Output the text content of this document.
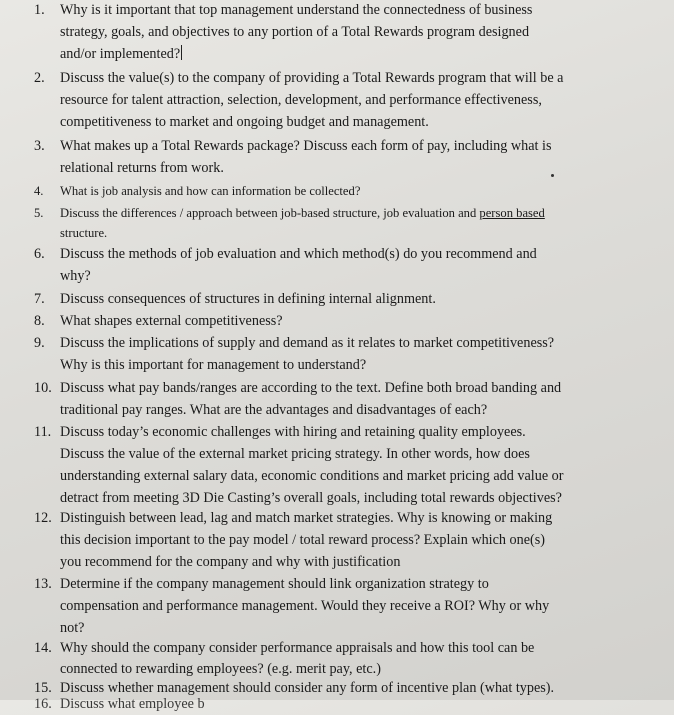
1. Why is it important that top management understand the connectedness of business
strategy, goals, and objectives to any portion of a Total Rewards program designed
and/or implemented?
2. Discuss the value(s) to the company of providing a Total Rewards program that will be a
resource for talent attraction, selection, development, and performance effectiveness,
competitiveness to market and ongoing budget and management.
3. What makes up a Total Rewards package? Discuss each form of pay, including what is
relational returns from work.
4. What is job analysis and how can information be collected?
5. Discuss the differences / approach between job-based structure, job evaluation and person based
structure.
6. Discuss the methods of job evaluation and which method(s) do you recommend and
why?
7. Discuss consequences of structures in defining internal alignment.
8. What shapes external competitiveness?
9. Discuss the implications of supply and demand as it relates to market competitiveness?
Why is this important for management to understand?
10. Discuss what pay bands/ranges are according to the text. Define both broad banding and
traditional pay ranges. What are the advantages and disadvantages of each?
11. Discuss today’s economic challenges with hiring and retaining quality employees.
Discuss the value of the external market pricing strategy. In other words, how does
understanding external salary data, economic conditions and market pricing add value or
detract from meeting 3D Die Casting’s overall goals, including total rewards objectives?
12. Distinguish between lead, lag and match market strategies. Why is knowing or making
this decision important to the pay model / total reward process? Explain which one(s)
you recommend for the company and why with justification
13. Determine if the company management should link organization strategy to
compensation and performance management. Would they receive a ROI? Why or why
not?
14. Why should the company consider performance appraisals and how this tool can be
connected to rewarding employees? (e.g. merit pay, etc.)
15. Discuss whether management should consider any form of incentive plan (what types).
16. Discuss what employee b
